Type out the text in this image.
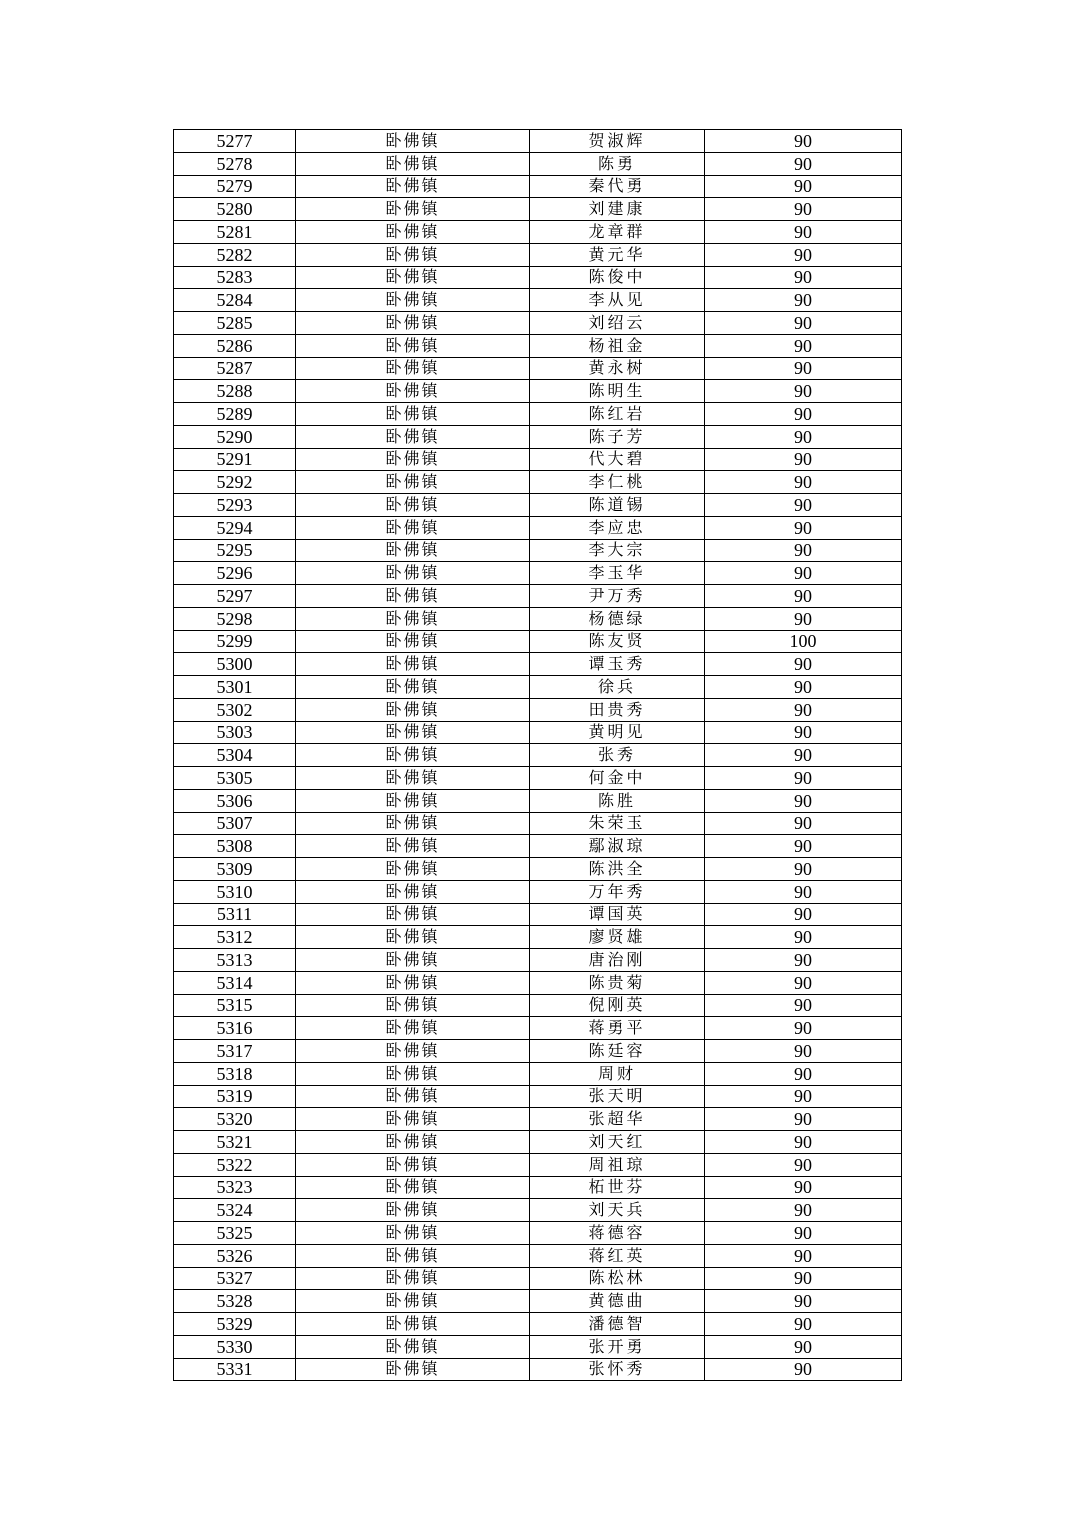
5277	卧佛镇	贺淑辉	90
5278	卧佛镇	陈勇	90
5279	卧佛镇	秦代勇	90
5280	卧佛镇	刘建康	90
5281	卧佛镇	龙章群	90
5282	卧佛镇	黄元华	90
5283	卧佛镇	陈俊中	90
5284	卧佛镇	李从见	90
5285	卧佛镇	刘绍云	90
5286	卧佛镇	杨祖金	90
5287	卧佛镇	黄永树	90
5288	卧佛镇	陈明生	90
5289	卧佛镇	陈红岩	90
5290	卧佛镇	陈子芳	90
5291	卧佛镇	代大碧	90
5292	卧佛镇	李仁桃	90
5293	卧佛镇	陈道锡	90
5294	卧佛镇	李应忠	90
5295	卧佛镇	李大宗	90
5296	卧佛镇	李玉华	90
5297	卧佛镇	尹万秀	90
5298	卧佛镇	杨德绿	90
5299	卧佛镇	陈友贤	100
5300	卧佛镇	谭玉秀	90
5301	卧佛镇	徐兵	90
5302	卧佛镇	田贵秀	90
5303	卧佛镇	黄明见	90
5304	卧佛镇	张秀	90
5305	卧佛镇	何金中	90
5306	卧佛镇	陈胜	90
5307	卧佛镇	朱荣玉	90
5308	卧佛镇	鄢淑琼	90
5309	卧佛镇	陈洪全	90
5310	卧佛镇	万年秀	90
5311	卧佛镇	谭国英	90
5312	卧佛镇	廖贤雄	90
5313	卧佛镇	唐治刚	90
5314	卧佛镇	陈贵菊	90
5315	卧佛镇	倪刚英	90
5316	卧佛镇	蒋勇平	90
5317	卧佛镇	陈廷容	90
5318	卧佛镇	周财	90
5319	卧佛镇	张天明	90
5320	卧佛镇	张超华	90
5321	卧佛镇	刘天红	90
5322	卧佛镇	周祖琼	90
5323	卧佛镇	柘世芬	90
5324	卧佛镇	刘天兵	90
5325	卧佛镇	蒋德容	90
5326	卧佛镇	蒋红英	90
5327	卧佛镇	陈松林	90
5328	卧佛镇	黄德曲	90
5329	卧佛镇	潘德智	90
5330	卧佛镇	张开勇	90
5331	卧佛镇	张怀秀	90
